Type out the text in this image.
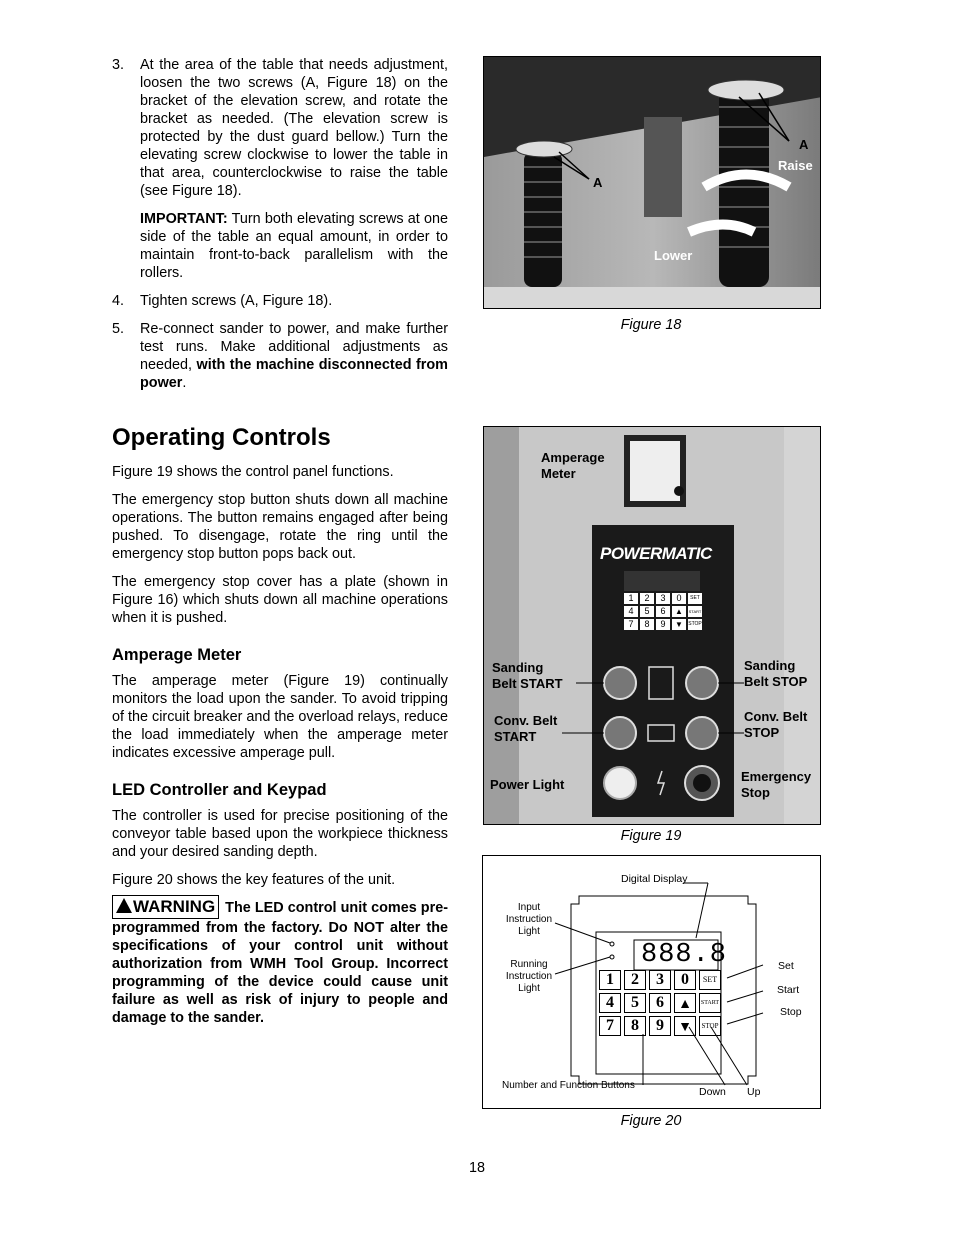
3. At the area of the table that needs adjustment, loosen the two screws (A, Figure 18) on the bracket of the elevation screw, and rotate the bracket as needed. (The elevation screw is protected by the dust guard bellow.) Turn the elevating screw clockwise to lower the table in that area, counterclockwise to raise the table (see Figure 18).

IMPORTANT: Turn both elevating screws at one side of the table an equal amount, in order to maintain front-to-back parallelism with the rollers.

4. Tighten screws (A, Figure 18).

5. Re-connect sander to power, and make further test runs. Make additional adjustments as needed, with the machine disconnected from power.

Operating Controls

Figure 19 shows the control panel functions.

The emergency stop button shuts down all machine operations. The button remains engaged after being pushed. To disengage, rotate the ring until the emergency stop button pops back out.

The emergency stop cover has a plate (shown in Figure 16) which shuts down all machine operations when it is pushed.

Amperage Meter

The amperage meter (Figure 19) continually monitors the load upon the sander. To avoid tripping of the circuit breaker and the overload relays, reduce the load immediately when the amperage meter indicates excessive amperage pull.

LED Controller and Keypad

The controller is used for precise positioning of the conveyor table based upon the workpiece thickness and your desired sanding depth.

Figure 20 shows the key features of the unit.

WARNING The LED control unit comes pre-programmed from the factory. Do NOT alter the specifications of your control unit without authorization from WMH Tool Group. Incorrect programming of the device could cause unit failure as well as risk of injury to people and damage to the sander.

A
A
Raise
Lower
Figure 18
Amperage
Meter
POWERMATIC
1	2	3	0	SET
4	5	6	▲	START
7	8	9	▼	STOP
Sanding
Belt START
Sanding
Belt STOP
Conv. Belt
START
Conv. Belt
STOP
Power Light
Emergency
Stop
Figure 19
888.8
1	2	3	0	SET
4	5	6	▲	START
7	8	9	▼	STOP
Digital Display
Input
Instruction
Light
Running
Instruction
Light
Set
Start
Stop
Number and Function Buttons
Down Up
Figure 20
18
